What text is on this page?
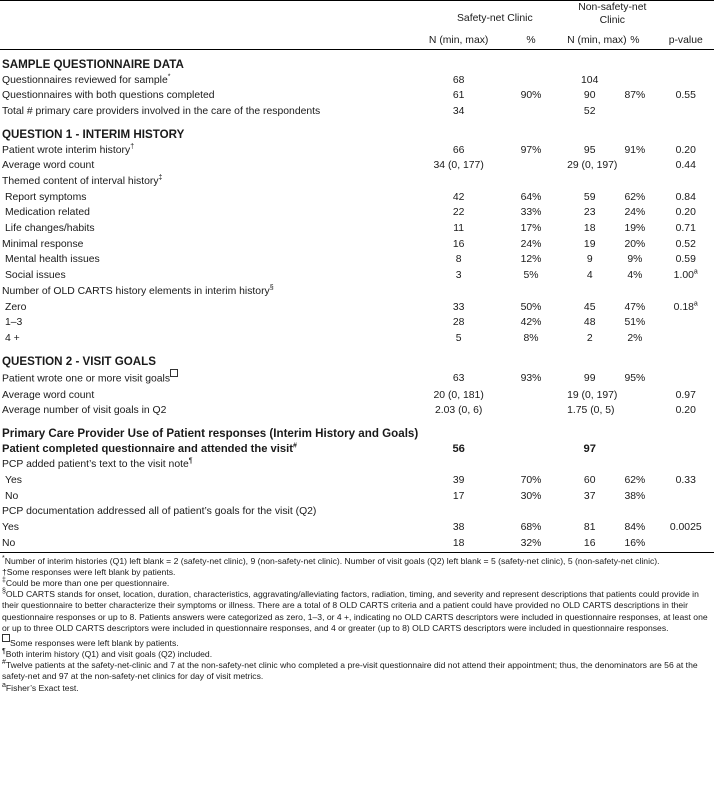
	Safety-net Clinic		Non-safety-net
Clinic		

	N (min, max)	%	N (min, max)	%	p-value

SAMPLE QUESTIONNAIRE DATA					
Questionnaires reviewed for sample*	68		104		
Questionnaires with both questions completed	61	90%	90	87%	0.55
Total # primary care providers involved in the care of the respondents	34		52		

QUESTION 1 - INTERIM HISTORY					
Patient wrote interim history†	66	97%	95	91%	0.20
Average word count	34 (0, 177)		29 (0, 197)		0.44
Themed content of interval history‡					
Report symptoms	42	64%	59	62%	0.84
Medication related	22	33%	23	24%	0.20
Life changes/habits	11	17%	18	19%	0.71
Minimal response	16	24%	19	20%	0.52
Mental health issues	8	12%	9	9%	0.59
Social issues	3	5%	4	4%	1.00$^a$
Number of OLD CARTS history elements in interim history§					
Zero	33	50%	45	47%	0.18$^a$
1–3	28	42%	48	51%	
4 +	5	8%	2	2%	

QUESTION 2 - VISIT GOALS					
Patient wrote one or more visit goals	63	93%	99	95%	
Average word count	20 (0, 181)		19 (0, 197)		0.97
Average number of visit goals in Q2	2.03 (0, 6)		1.75 (0, 5)		0.20

Primary Care Provider Use of Patient responses (Interim History and Goals)					
Patient completed questionnaire and attended the visit#	56		97		
PCP added patient’s text to the visit note¶					
Yes	39	70%	60	62%	0.33
No	17	30%	37	38%	
PCP documentation addressed all of patient’s goals for the visit (Q2)					
Yes	38	68%	81	84%	0.0025
No	18	32%	16	16%	

*Number of interim histories (Q1) left blank = 2 (safety-net clinic), 9 (non-safety-net clinic). Number of visit goals (Q2) left blank = 5 (safety-net clinic), 5 (non-safety-net clinic).

†Some responses were left blank by patients.

‡Could be more than one per questionnaire.

§OLD CARTS stands for onset, location, duration, characteristics, aggravating/alleviating factors, radiation, timing, and severity and represent descriptions that patients could provide in their questionnaire to better characterize their symptoms or illness. There are a total of 8 OLD CARTS criteria and a patient could have provided no OLD CARTS descriptions in their questionnaire responses or up to 8. Patients answers were categorized as zero, 1–3, or 4 +, indicating no OLD CARTS descriptors were included in questionnaire responses, at least one or up to three OLD CARTS descriptors were included in questionnaire responses, and 4 or greater (up to 8) OLD CARTS descriptors were included in questionnaire responses.

Some responses were left blank by patients.

¶Both interim history (Q1) and visit goals (Q2) included.

#Twelve patients at the safety-net-clinic and 7 at the non-safety-net clinic who completed a pre-visit questionnaire did not attend their appointment; thus, the denominators are 56 at the safety-net and 97 at the non-safety-net clinics for day of visit metrics.

$^a$Fisher’s Exact test.
